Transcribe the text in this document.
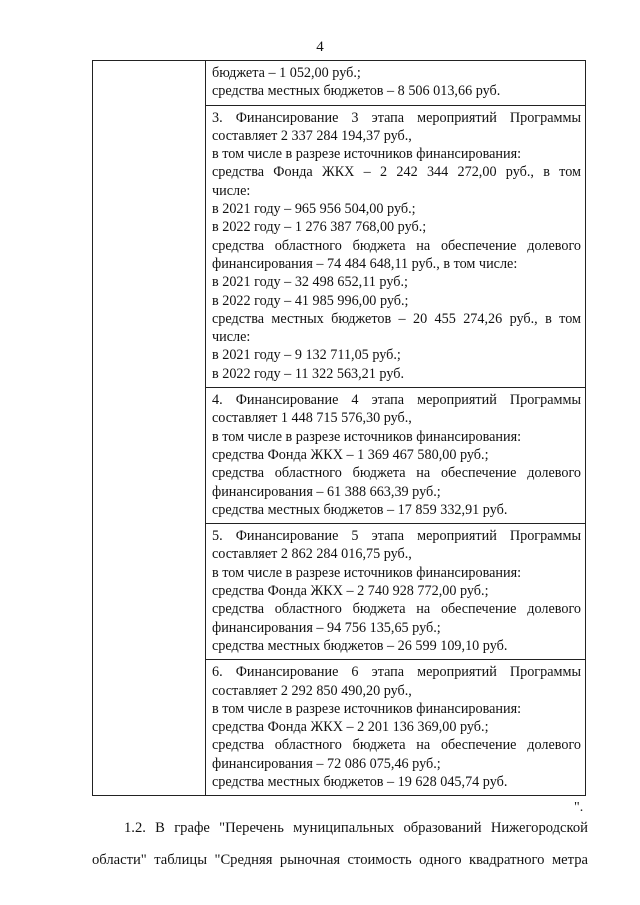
4

бюджета – 1 052,00 руб.;
средства местных бюджетов – 8 506 013,66 руб.

3. Финансирование 3 этапа мероприятий Программы
составляет 2 337 284 194,37 руб.,
в том числе в разрезе источников финансирования:
средства Фонда ЖКХ – 2 242 344 272,00 руб., в том
числе:
в 2021 году – 965 956 504,00 руб.;
в 2022 году – 1 276 387 768,00 руб.;
средства областного бюджета на обеспечение долевого
финансирования – 74 484 648,11 руб., в том числе:
в 2021 году – 32 498 652,11 руб.;
в 2022 году – 41 985 996,00 руб.;
средства местных бюджетов – 20 455 274,26 руб., в том
числе:
в 2021 году – 9 132 711,05 руб.;
в 2022 году – 11 322 563,21 руб.

4. Финансирование 4 этапа мероприятий Программы
составляет 1 448 715 576,30 руб.,
в том числе в разрезе источников финансирования:
средства Фонда ЖКХ – 1 369 467 580,00 руб.;
средства областного бюджета на обеспечение долевого
финансирования – 61 388 663,39 руб.;
средства местных бюджетов – 17 859 332,91 руб.

5. Финансирование 5 этапа мероприятий Программы
составляет 2 862 284 016,75 руб.,
в том числе в разрезе источников финансирования:
средства Фонда ЖКХ – 2 740 928 772,00 руб.;
средства областного бюджета на обеспечение долевого
финансирования – 94 756 135,65 руб.;
средства местных бюджетов – 26 599 109,10 руб.

6. Финансирование 6 этапа мероприятий Программы
составляет 2 292 850 490,20 руб.,
в том числе в разрезе источников финансирования:
средства Фонда ЖКХ – 2 201 136 369,00 руб.;
средства областного бюджета на обеспечение долевого
финансирования – 72 086 075,46 руб.;
средства местных бюджетов – 19 628 045,74 руб.
".
1.2. В графе "Перечень муниципальных образований Нижегородской
области" таблицы "Средняя рыночная стоимость одного квадратного метра
